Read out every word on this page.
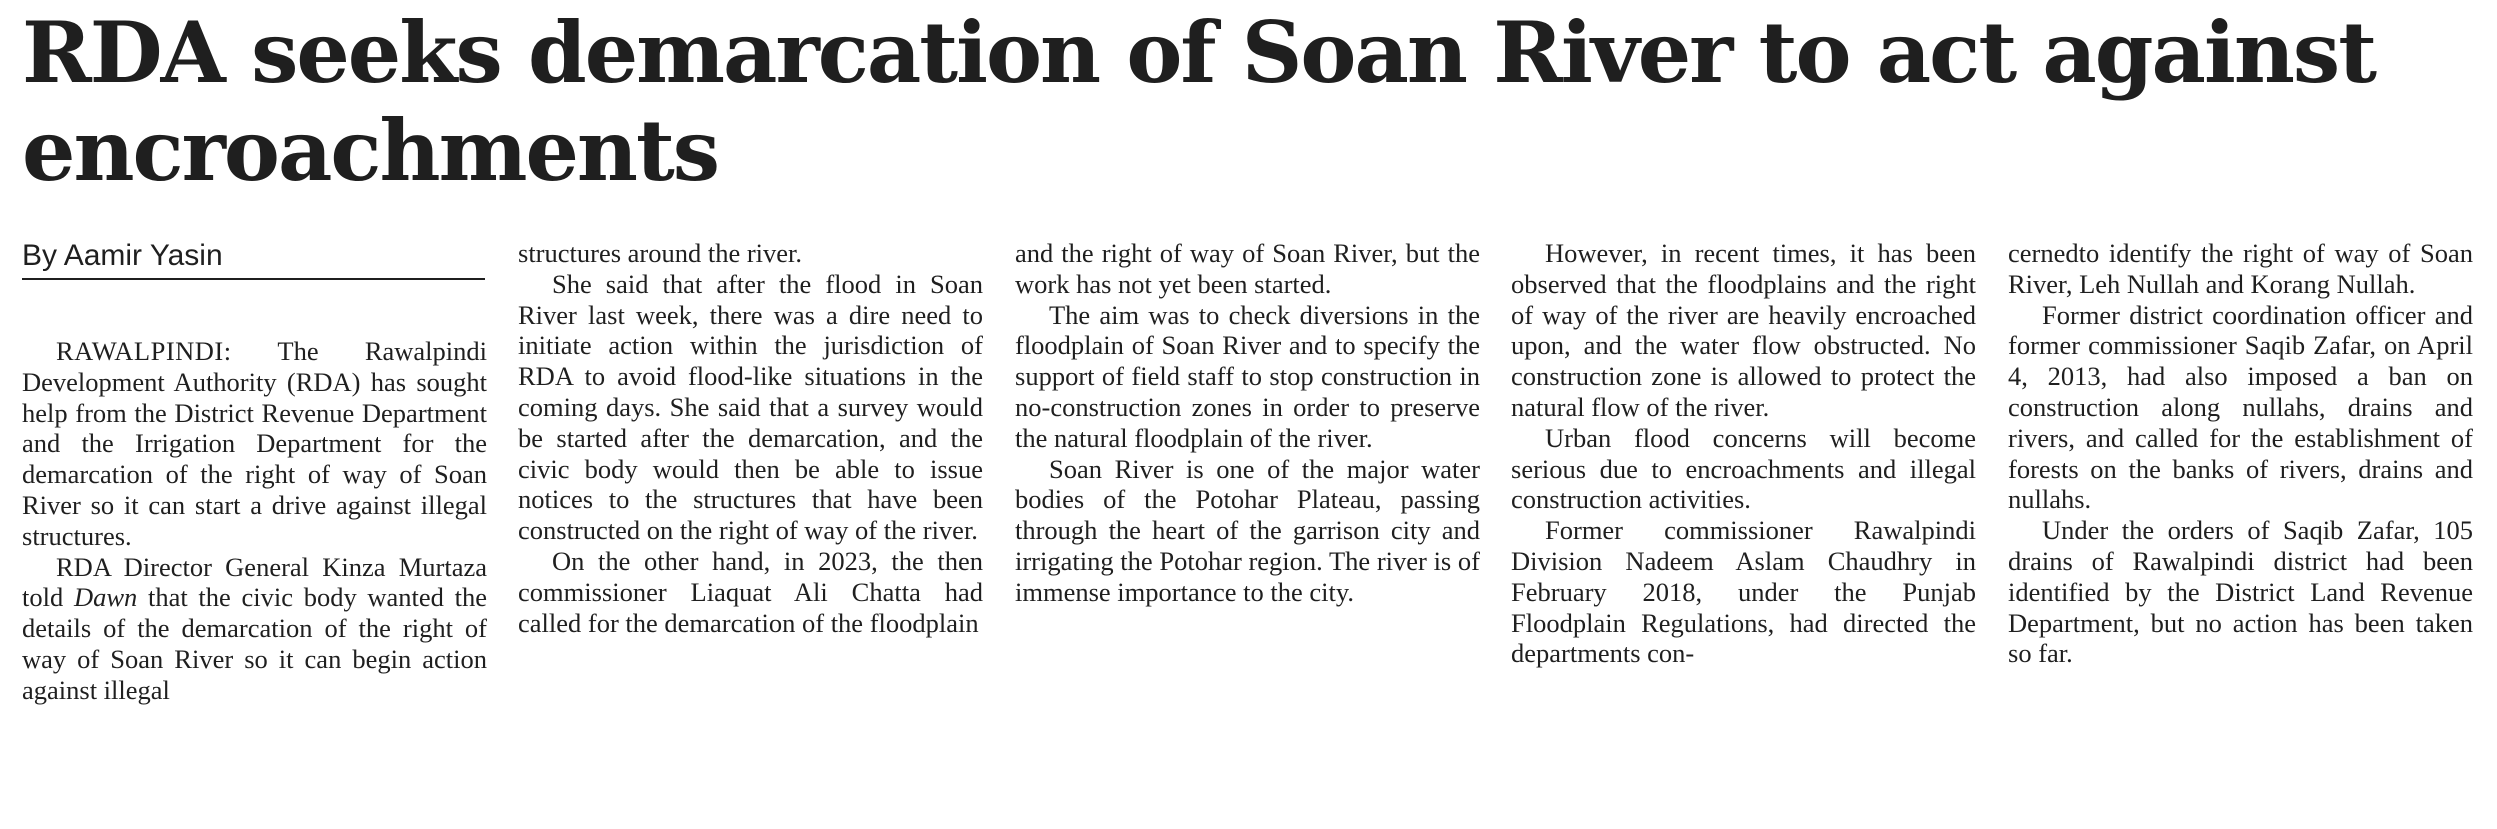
RDA seeks demarcation of Soan River to act against encroachments
By Aamir Yasin

RAWALPINDI: The Rawalpindi Development Authority (RDA) has sought help from the District Revenue Department and the Irrigation Department for the demarcation of the right of way of Soan River so it can start a drive against illegal structures.

RDA Director General Kinza Murtaza told Dawn that the civic body wanted the details of the demarcation of the right of way of Soan River so it can begin action against illegal

structures around the river.

She said that after the flood in Soan River last week, there was a dire need to initiate action within the jurisdiction of RDA to avoid flood-like situations in the coming days. She said that a survey would be started after the demarcation, and the civic body would then be able to issue notices to the structures that have been constructed on the right of way of the river.

On the other hand, in 2023, the then commissioner Liaquat Ali Chatta had called for the demarcation of the floodplain

and the right of way of Soan River, but the work has not yet been started.

The aim was to check diversions in the floodplain of Soan River and to specify the support of field staff to stop construction in no-construction zones in order to preserve the natural floodplain of the river.

Soan River is one of the major water bodies of the Potohar Plateau, passing through the heart of the garrison city and irrigating the Potohar region. The river is of immense importance to the city.

However, in recent times, it has been observed that the floodplains and the right of way of the river are heavily encroached upon, and the water flow obstructed. No construction zone is allowed to protect the natural flow of the river.

Urban flood concerns will become serious due to encroachments and illegal construction activities.

Former commissioner Rawalpindi Division Nadeem Aslam Chaudhry in February 2018, under the Punjab Floodplain Regulations, had directed the departments con-

cernedto identify the right of way of Soan River, Leh Nullah and Korang Nullah.

Former district coordination officer and former commissioner Saqib Zafar, on April 4, 2013, had also imposed a ban on construction along nullahs, drains and rivers, and called for the establishment of forests on the banks of rivers, drains and nullahs.

Under the orders of Saqib Zafar, 105 drains of Rawalpindi district had been identified by the District Land Revenue Department, but no action has been taken so far.
